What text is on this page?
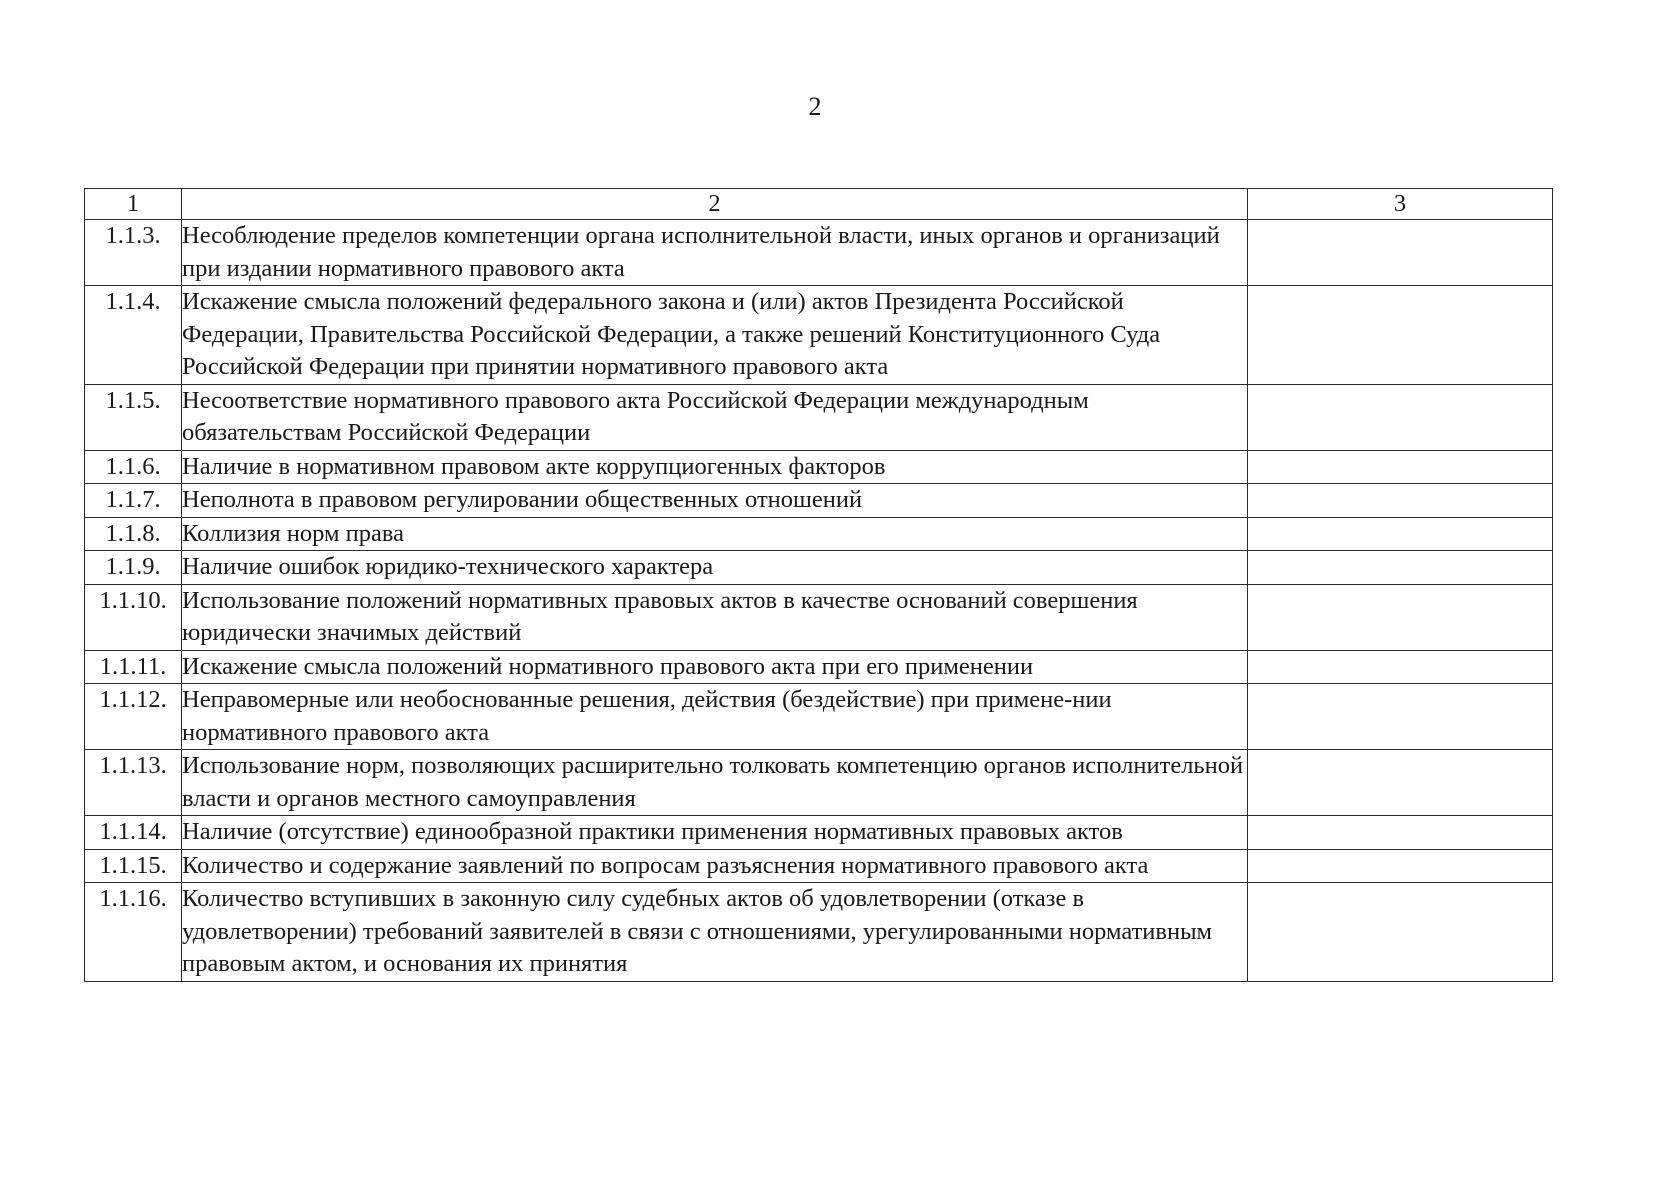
2
1	2	3
1.1.3.	Несоблюдение пределов компетенции органа исполнительной власти, иных органов и организаций при издании нормативного правового акта	
1.1.4.	Искажение смысла положений федерального закона и (или) актов Президента Российской Федерации, Правительства Российской Федерации, а также решений Конституционного Суда Российской Федерации при принятии нормативного правового акта	
1.1.5.	Несоответствие нормативного правового акта Российской Федерации международным обязательствам Российской Федерации	
1.1.6.	Наличие в нормативном правовом акте коррупциогенных факторов	
1.1.7.	Неполнота в правовом регулировании общественных отношений	
1.1.8.	Коллизия норм права	
1.1.9.	Наличие ошибок юридико-технического характера	
1.1.10.	Использование положений нормативных правовых актов в качестве оснований совершения юридически значимых действий	
1.1.11.	Искажение смысла положений нормативного правового акта при его применении	
1.1.12.	Неправомерные или необоснованные решения, действия (бездействие) при примене-нии нормативного правового акта	
1.1.13.	Использование норм, позволяющих расширительно толковать компетенцию органов исполнительной власти и органов местного самоуправления	
1.1.14.	Наличие (отсутствие) единообразной практики применения нормативных правовых актов	
1.1.15.	Количество и содержание заявлений по вопросам разъяснения нормативного правового акта	
1.1.16.	Количество вступивших в законную силу судебных актов об удовлетворении (отказе в удовлетворении) требований заявителей в связи с отношениями, урегулированными нормативным правовым актом, и основания их принятия	
